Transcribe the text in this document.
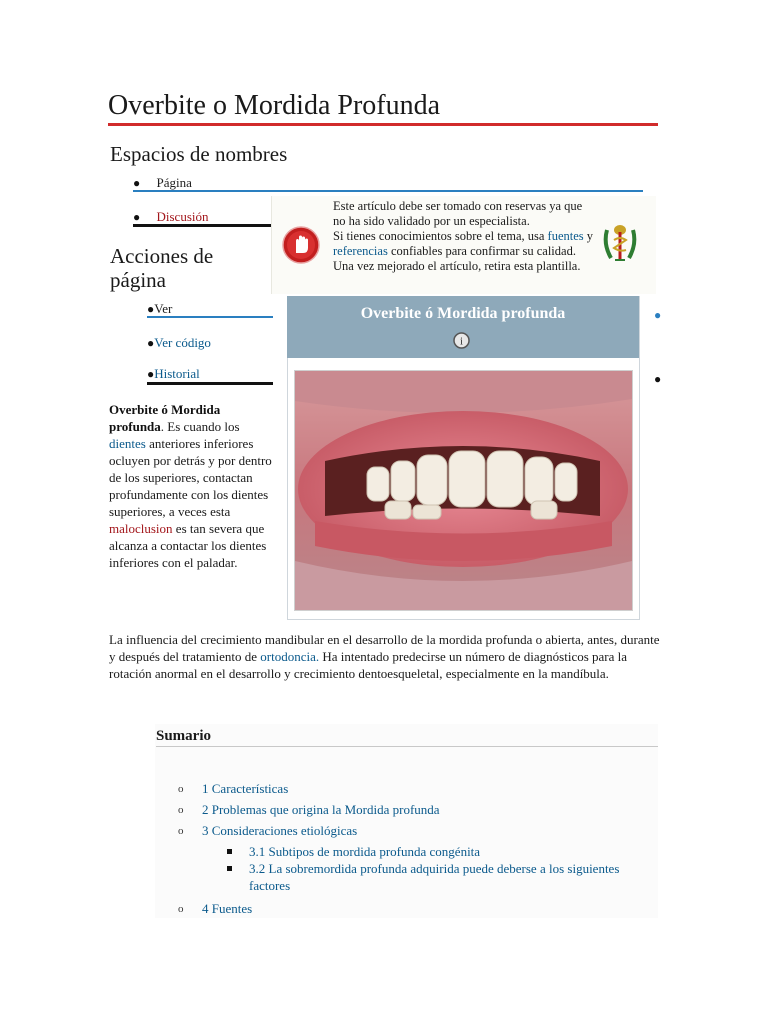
Overbite o Mordida Profunda
Espacios de nombres
● Página
● Discusión
Acciones de página
●Ver
●Ver código
●Historial
●
●
Este artículo debe ser tomado con reservas ya que no ha sido validado por un especialista.
Si tienes conocimientos sobre el tema, usa fuentes y referencias confiables para confirmar su calidad. Una vez mejorado el artículo, retira esta plantilla.
Overbite ó Mordida profunda
i
Overbite ó Mordida profunda. Es cuando los dientes anteriores inferiores ocluyen por detrás y por dentro de los superiores, contactan profundamente con los dientes superiores, a veces esta maloclusion es tan severa que alcanza a contactar los dientes inferiores con el paladar.
La influencia del crecimiento mandibular en el desarrollo de la mordida profunda o abierta, antes, durante y después del tratamiento de ortodoncia. Ha intentado predecirse un número de diagnósticos para la rotación anormal en el desarrollo y crecimiento dentoesqueletal, especialmente en la mandíbula.
Sumario
o 1 Características
o 2 Problemas que origina la Mordida profunda
o 3 Consideraciones etiológicas
3.1 Subtipos de mordida profunda congénita
3.2 La sobremordida profunda adquirida puede deberse a los siguientes factores
o 4 Fuentes
